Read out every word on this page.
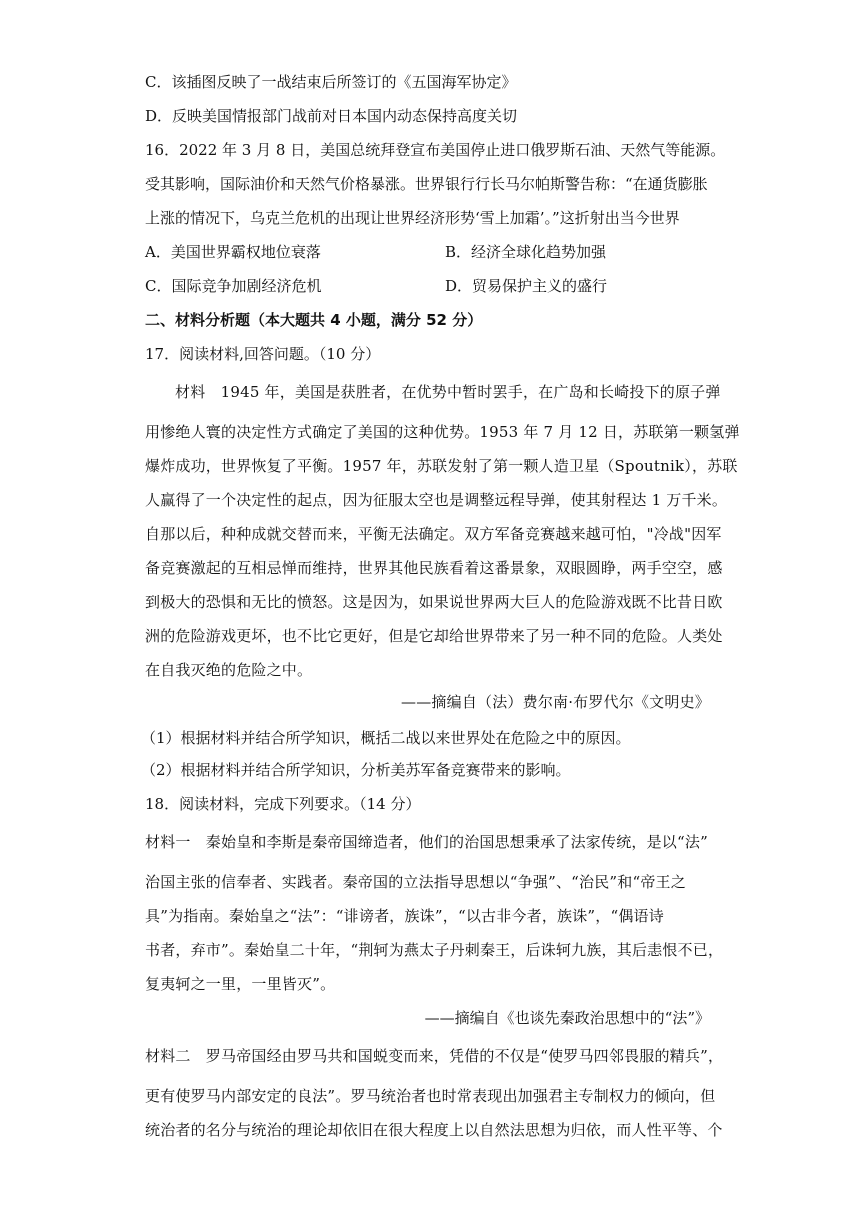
C．该插图反映了一战结束后所签订的《五国海军协定》
D．反映美国情报部门战前对日本国内动态保持高度关切
16．2022 年 3 月 8 日，美国总统拜登宣布美国停止进口俄罗斯石油、天然气等能源。
受其影响，国际油价和天然气价格暴涨。世界银行行长马尔帕斯警告称：“在通货膨胀
上涨的情况下，乌克兰危机的出现让世界经济形势‘雪上加霜’。”这折射出当今世界
A．美国世界霸权地位衰落	B．经济全球化趋势加强
C．国际竞争加剧经济危机	D．贸易保护主义的盛行
二、材料分析题（本大题共 4 小题，满分 52 分）
17．阅读材料,回答问题。（10 分）
材料　1945 年，美国是获胜者，在优势中暂时罢手，在广岛和长崎投下的原子弹
用惨绝人寰的决定性方式确定了美国的这种优势。1953 年 7 月 12 日，苏联第一颗氢弹
爆炸成功，世界恢复了平衡。1957 年，苏联发射了第一颗人造卫星（Spoutnik），苏联
人赢得了一个决定性的起点，因为征服太空也是调整远程导弹，使其射程达 1 万千米。
自那以后，种种成就交替而来，平衡无法确定。双方军备竞赛越来越可怕，"冷战"因军
备竞赛激起的互相忌惮而维持，世界其他民族看着这番景象，双眼圆睁，两手空空，感
到极大的恐惧和无比的愤怒。这是因为，如果说世界两大巨人的危险游戏既不比昔日欧
洲的危险游戏更坏，也不比它更好，但是它却给世界带来了另一种不同的危险。人类处
在自我灭绝的危险之中。
——摘编自（法）费尔南·布罗代尔《文明史》
（1）根据材料并结合所学知识，概括二战以来世界处在危险之中的原因。
（2）根据材料并结合所学知识，分析美苏军备竞赛带来的影响。
18．阅读材料，完成下列要求。（14 分）
材料一　秦始皇和李斯是秦帝国缔造者，他们的治国思想秉承了法家传统，是以“法”
治国主张的信奉者、实践者。秦帝国的立法指导思想以“争强”、“治民”和“帝王之
具”为指南。秦始皇之“法”：“诽谤者，族诛”，“以古非今者，族诛”，“偶语诗
书者，弃市”。秦始皇二十年，“荆轲为燕太子丹刺秦王，后诛轲九族，其后恚恨不已，
复夷轲之一里，一里皆灭”。
——摘编自《也谈先秦政治思想中的“法”》
材料二　罗马帝国经由罗马共和国蜕变而来，凭借的不仅是“使罗马四邻畏服的精兵”，
更有使罗马内部安定的良法”。罗马统治者也时常表现出加强君主专制权力的倾向，但
统治者的名分与统治的理论却依旧在很大程度上以自然法思想为归依，而人性平等、个
